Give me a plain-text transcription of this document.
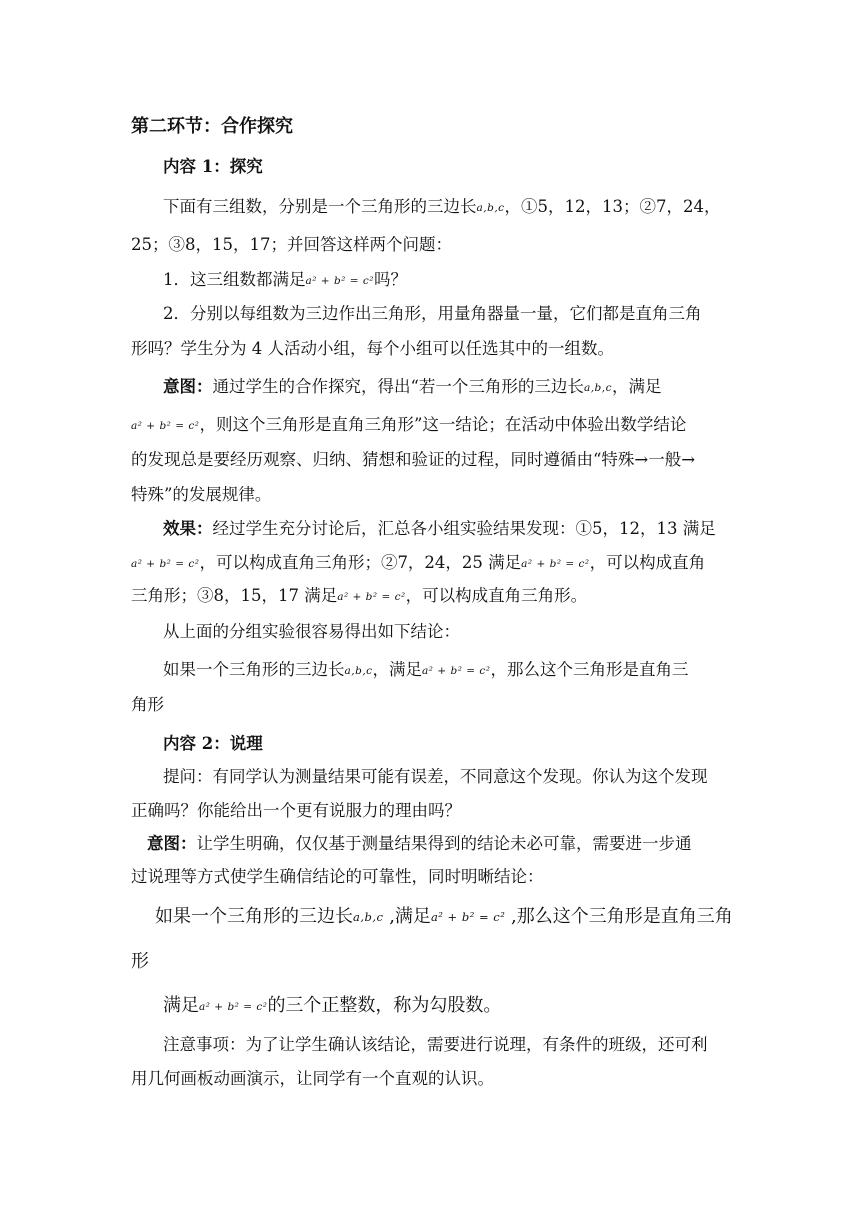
第二环节：合作探究
内容 1：探究
下面有三组数，分别是一个三角形的三边长a,b,c，①5，12，13；②7，24，
25；③8，15，17；并回答这样两个问题：
1．这三组数都满足a² + b² = c²吗？
2．分别以每组数为三边作出三角形，用量角器量一量，它们都是直角三角
形吗？学生分为 4 人活动小组，每个小组可以任选其中的一组数。
意图：通过学生的合作探究，得出“若一个三角形的三边长a,b,c，满足
a² + b² = c²，则这个三角形是直角三角形”这一结论；在活动中体验出数学结论
的发现总是要经历观察、归纳、猜想和验证的过程，同时遵循由“特殊→一般→
特殊”的发展规律。
效果：经过学生充分讨论后，汇总各小组实验结果发现：①5，12，13 满足
a² + b² = c²，可以构成直角三角形；②7，24，25 满足a² + b² = c²，可以构成直角
三角形；③8，15，17 满足a² + b² = c²，可以构成直角三角形。
从上面的分组实验很容易得出如下结论：
如果一个三角形的三边长a,b,c，满足a² + b² = c²，那么这个三角形是直角三
角形
内容 2：说理
提问：有同学认为测量结果可能有误差，不同意这个发现。你认为这个发现
正确吗？你能给出一个更有说服力的理由吗？
意图：让学生明确，仅仅基于测量结果得到的结论未必可靠，需要进一步通
过说理等方式使学生确信结论的可靠性，同时明晰结论：
如果一个三角形的三边长a,b,c ,满足a² + b² = c² ,那么这个三角形是直角三角
形
满足a² + b² = c²的三个正整数，称为勾股数。
注意事项：为了让学生确认该结论，需要进行说理，有条件的班级，还可利
用几何画板动画演示，让同学有一个直观的认识。
